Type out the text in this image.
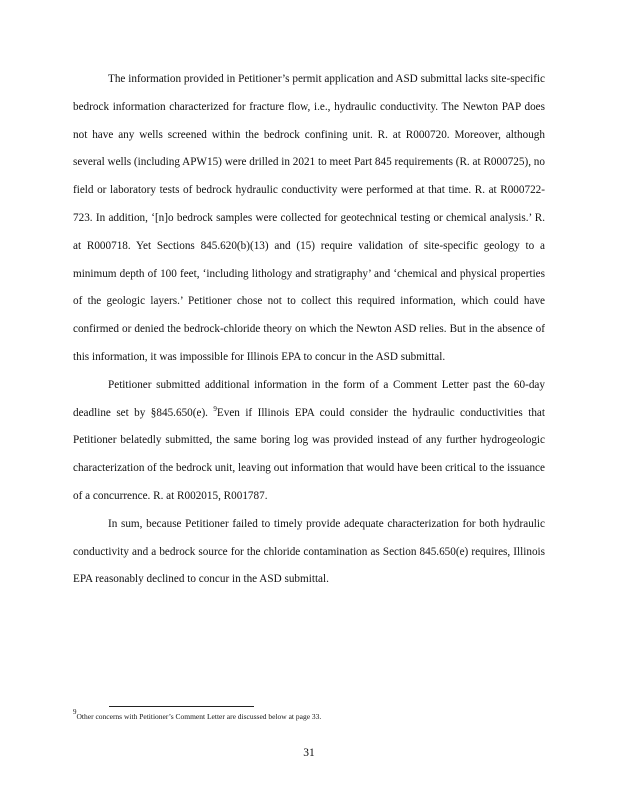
The information provided in Petitioner’s permit application and ASD submittal lacks site-specific bedrock information characterized for fracture flow, i.e., hydraulic conductivity. The Newton PAP does not have any wells screened within the bedrock confining unit. R. at R000720. Moreover, although several wells (including APW15) were drilled in 2021 to meet Part 845 requirements (R. at R000725), no field or laboratory tests of bedrock hydraulic conductivity were performed at that time. R. at R000722-723. In addition, ‘[n]o bedrock samples were collected for geotechnical testing or chemical analysis.’ R. at R000718. Yet Sections 845.620(b)(13) and (15) require validation of site-specific geology to a minimum depth of 100 feet, ‘including lithology and stratigraphy’ and ‘chemical and physical properties of the geologic layers.’ Petitioner chose not to collect this required information, which could have confirmed or denied the bedrock-chloride theory on which the Newton ASD relies. But in the absence of this information, it was impossible for Illinois EPA to concur in the ASD submittal.

Petitioner submitted additional information in the form of a Comment Letter past the 60-day deadline set by §845.650(e). $^9$Even if Illinois EPA could consider the hydraulic conductivities that Petitioner belatedly submitted, the same boring log was provided instead of any further hydrogeologic characterization of the bedrock unit, leaving out information that would have been critical to the issuance of a concurrence. R. at R002015, R001787.

In sum, because Petitioner failed to timely provide adequate characterization for both hydraulic conductivity and a bedrock source for the chloride contamination as Section 845.650(e) requires, Illinois EPA reasonably declined to concur in the ASD submittal.

$^9$Other concerns with Petitioner’s Comment Letter are discussed below at page 33.
31
